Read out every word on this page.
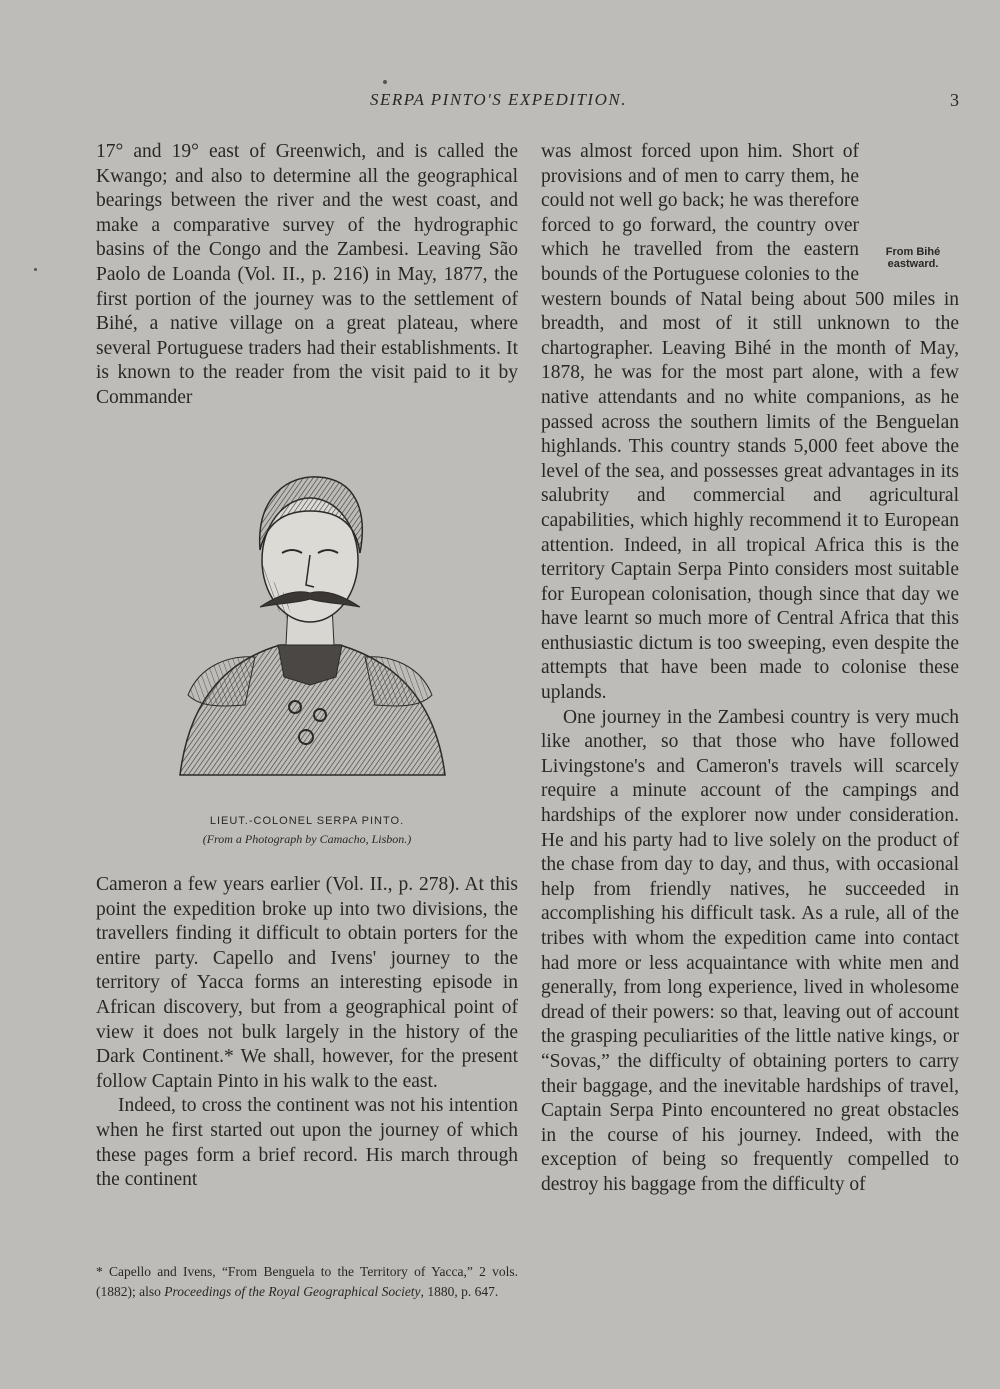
SERPA PINTO'S EXPEDITION.	3

17° and 19° east of Greenwich, and is called the Kwango; and also to determine all the geographical bearings between the river and the west coast, and make a comparative survey of the hydrographic basins of the Congo and the Zambesi. Leaving São Paolo de Loanda (Vol. II., p. 216) in May, 1877, the first portion of the journey was to the settlement of Bihé, a native village on a great plateau, where several Portuguese traders had their establishments. It is known to the reader from the visit paid to it by Commander

LIEUT.-COLONEL SERPA PINTO.
(From a Photograph by Camacho, Lisbon.)

Cameron a few years earlier (Vol. II., p. 278). At this point the expedition broke up into two divisions, the travellers finding it difficult to obtain porters for the entire party. Capello and Ivens' journey to the territory of Yacca forms an interesting episode in African discovery, but from a geographical point of view it does not bulk largely in the history of the Dark Continent.* We shall, however, for the present follow Captain Pinto in his walk to the east.

Indeed, to cross the continent was not his intention when he first started out upon the journey of which these pages form a brief record. His march through the continent

* Capello and Ivens, “From Benguela to the Territory of Yacca,” 2 vols. (1882); also Proceedings of the Royal Geographical Society, 1880, p. 647.
From Bihé eastward.

was almost forced upon him. Short of provisions and of men to carry them, he could not well go back; he was therefore forced to go forward, the country over which he travelled from the eastern bounds of the Portuguese colonies to the western bounds of Natal being about 500 miles in breadth, and most of it still unknown to the chartographer. Leaving Bihé in the month of May, 1878, he was for the most part alone, with a few native attendants and no white companions, as he passed across the southern limits of the Benguelan highlands. This country stands 5,000 feet above the level of the sea, and possesses great advantages in its salubrity and commercial and agricultural capabilities, which highly recommend it to European attention. Indeed, in all tropical Africa this is the territory Captain Serpa Pinto considers most suitable for European colonisation, though since that day we have learnt so much more of Central Africa that this enthusiastic dictum is too sweeping, even despite the attempts that have been made to colonise these uplands.

One journey in the Zambesi country is very much like another, so that those who have followed Livingstone's and Cameron's travels will scarcely require a minute account of the campings and hardships of the explorer now under consideration. He and his party had to live solely on the product of the chase from day to day, and thus, with occasional help from friendly natives, he succeeded in accomplishing his difficult task. As a rule, all of the tribes with whom the expedition came into contact had more or less acquaintance with white men and generally, from long experience, lived in wholesome dread of their powers: so that, leaving out of account the grasping peculiarities of the little native kings, or “Sovas,” the difficulty of obtaining porters to carry their baggage, and the inevitable hardships of travel, Captain Serpa Pinto encountered no great obstacles in the course of his journey. Indeed, with the exception of being so frequently compelled to destroy his baggage from the difficulty of
